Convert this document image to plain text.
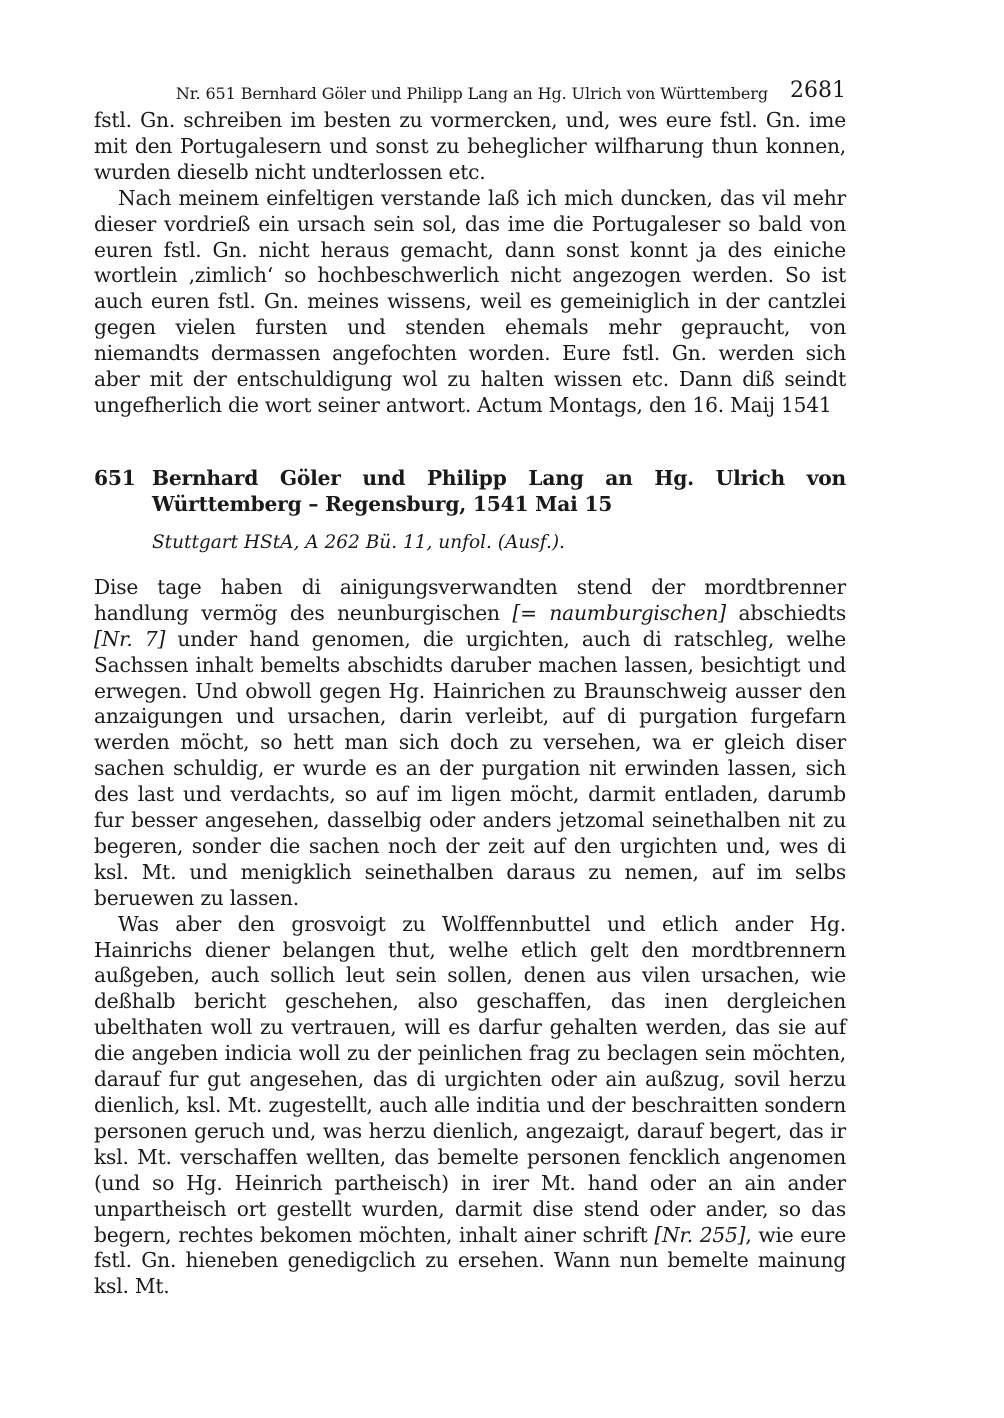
Nr. 651 Bernhard Göler und Philipp Lang an Hg. Ulrich von Württemberg 2681

fstl. Gn. schreiben im besten zu vormercken, und, wes eure fstl. Gn. ime mit den Portugalesern und sonst zu beheglicher wilfharung thun konnen, wurden dieselb nicht undterlossen etc.

Nach meinem einfeltigen verstande laß ich mich duncken, das vil mehr dieser vordrieß ein ursach sein sol, das ime die Portugaleser so bald von euren fstl. Gn. nicht heraus gemacht, dann sonst konnt ja des einiche wortlein ‚zimlich‘ so hochbeschwerlich nicht angezogen werden. So ist auch euren fstl. Gn. meines wissens, weil es gemeiniglich in der cantzlei gegen vielen fursten und stenden ehemals mehr gepraucht, von niemandts dermassen angefochten worden. Eure fstl. Gn. werden sich aber mit der entschuldigung wol zu halten wissen etc. Dann diß seindt ungefherlich die wort seiner antwort. Actum Montags, den 16. Maij 1541

651 Bernhard Göler und Philipp Lang an Hg. Ulrich von Württemberg – Regensburg, 1541 Mai 15
Stuttgart HStA, A 262 Bü. 11, unfol. (Ausf.).

Dise tage haben di ainigungsverwandten stend der mordtbrenner handlung vermög des neunburgischen [= naumburgischen] abschiedts [Nr. 7] under hand genomen, die urgichten, auch di ratschleg, welhe Sachssen inhalt bemelts abschidts daruber machen lassen, besichtigt und erwegen. Und obwoll gegen Hg. Hainrichen zu Braunschweig ausser den anzaigungen und ursachen, darin verleibt, auf di purgation furgefarn werden möcht, so hett man sich doch zu versehen, wa er gleich diser sachen schuldig, er wurde es an der purgation nit erwinden lassen, sich des last und verdachts, so auf im ligen möcht, darmit entladen, darumb fur besser angesehen, dasselbig oder anders jetzomal seinethalben nit zu begeren, sonder die sachen noch der zeit auf den urgichten und, wes di ksl. Mt. und menigklich seinethalben daraus zu nemen, auf im selbs beruewen zu lassen.

Was aber den grosvoigt zu Wolffennbuttel und etlich ander Hg. Hainrichs diener belangen thut, welhe etlich gelt den mordtbrennern außgeben, auch sollich leut sein sollen, denen aus vilen ursachen, wie deßhalb bericht geschehen, also geschaffen, das inen dergleichen ubelthaten woll zu vertrauen, will es darfur gehalten werden, das sie auf die angeben indicia woll zu der peinlichen frag zu beclagen sein möchten, darauf fur gut angesehen, das di urgichten oder ain außzug, sovil herzu dienlich, ksl. Mt. zugestellt, auch alle inditia und der beschraitten sondern personen geruch und, was herzu dienlich, angezaigt, darauf begert, das ir ksl. Mt. verschaffen wellten, das bemelte personen fencklich angenomen (und so Hg. Heinrich partheisch) in irer Mt. hand oder an ain ander unpartheisch ort gestellt wurden, darmit dise stend oder ander, so das begern, rechtes bekomen möchten, inhalt ainer schrift [Nr. 255], wie eure fstl. Gn. hieneben genedigclich zu ersehen. Wann nun bemelte mainung ksl. Mt.
